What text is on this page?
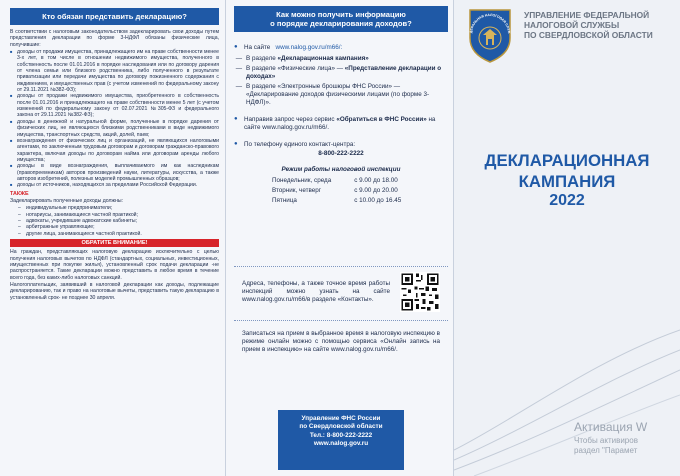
Кто обязан представить декларацию?

В соответствии с налоговым законодательством задекларировать свои доходы путем представления декларации по форме 3-НДФЛ обязаны физические лица, получившие:

■ доходы от продажи имущества, принадлежащего им на праве собственности менее 3-х лет, в том числе в отношении недвижимого имущества, полученного в собственность после 01.01.2016 в порядке наследования или по договору дарения от члена семьи или близкого родственника, либо полученного в результате приватизации или передачи имущества по договору пожизненного содержания с иждивением, и имущественных прав (с учетом изменений по федеральному закону от 29.11.2021 №382-ФЗ);
■ доходы от продажи недвижимого имущества, приобретенного в собственность после 01.01.2016 и принадлежащего на праве собственности менее 5 лет (с учетом изменений по федеральному закону от 02.07.2021 №305-ФЗ и федерального закона от 29.11.2021 №382-ФЗ);
■ доходы в денежной и натуральной форме, полученные в порядке дарения от физических лиц, не являющихся близкими родственниками в виде недвижимого имущества, транспортных средств, акций, долей, паев;
■ вознаграждения от физических лиц и организаций, не являющихся налоговыми агентами, по заключенным трудовым договорам и договорам гражданско-правового характера, включая доходы по договорам найма или договорам аренды любого имущества;
■ доходы в виде вознаграждения, выплачиваемого им как наследникам (правопреемникам) авторов произведений науки, литературы, искусства, а также авторов изобретений, полезных моделей промышленных образцов;
■ доходы от источников, находящихся за пределами Российской Федерации.
ТАКЖЕ

Задекларировать полученные доходы должны:

– индивидуальные предприниматели;
– нотариусы, занимающиеся частной практикой;
– адвокаты, учредившие адвокатские кабинеты;
– арбитражные управляющие;
– другие лица, занимающиеся частной практикой.
ОБРАТИТЕ ВНИМАНИЕ!

На граждан, представляющих налоговую декларацию исключительно с целью получения налоговых вычетов по НДФЛ (стандартных, социальных, инвестиционных, имущественных при покупке жилья), установленный срок подачи декларации -не распространяется. Такие декларации можно представить в любое время в течение всего года, без каких-либо налоговых санкций.

Налогоплательщик, заявивший в налоговой декларации как доходы, подлежащие декларированию, так и право на налоговые вычеты, представить такую декларацию в установленный срок- не позднее 30 апреля.

Как можно получить информацию
о порядке декларирования доходов?
●	На сайте www.nalog.gov.ru/m66/:
— В разделе «Декларационная кампания»
— В разделе «Физические лица» — «Представление декларации о доходах»
— В разделе «Электронные брошюры ФНС России» — «Декларирование доходов физическими лицами (по форме 3-НДФЛ)».
●	Направив запрос через сервис «Обратиться в ФНС России» на сайте www.nalog.gov.ru/m66/.
●	По телефону единого контакт-центра:
8-800-222-2222
Режим работы налоговой инспекции
Понедельник, среда	с 9.00 до 18.00
Вторник, четверг	с 9.00 до 20.00
Пятница	с 10.00 до 16.45
Адреса, телефоны, а также точное время работы инспекций можно узнать на сайте www.nalog.gov.ru/m66/в разделе «Контакты».
Записаться на прием в выбранное время в налоговую инспекцию в режиме онлайн можно с помощью сервиса «Онлайн запись на прием в инспекцию» на сайте www.nalog.gov.ru/m66/.
Управление ФНС России
по Свердловской области
Тел.: 8-800-222-2222
www.nalog.gov.ru
ДЕРАЛЬНАЯ НАЛОГОВАЯ СЛУЖ
УПРАВЛЕНИЕ ФЕДЕРАЛЬНОЙ
НАЛОГОВОЙ СЛУЖБЫ
ПО СВЕРДЛОВСКОЙ ОБЛАСТИ
ДЕКЛАРАЦИОННАЯ
КАМПАНИЯ
2022
Активация W
Чтобы активиров
раздел "Парамет
